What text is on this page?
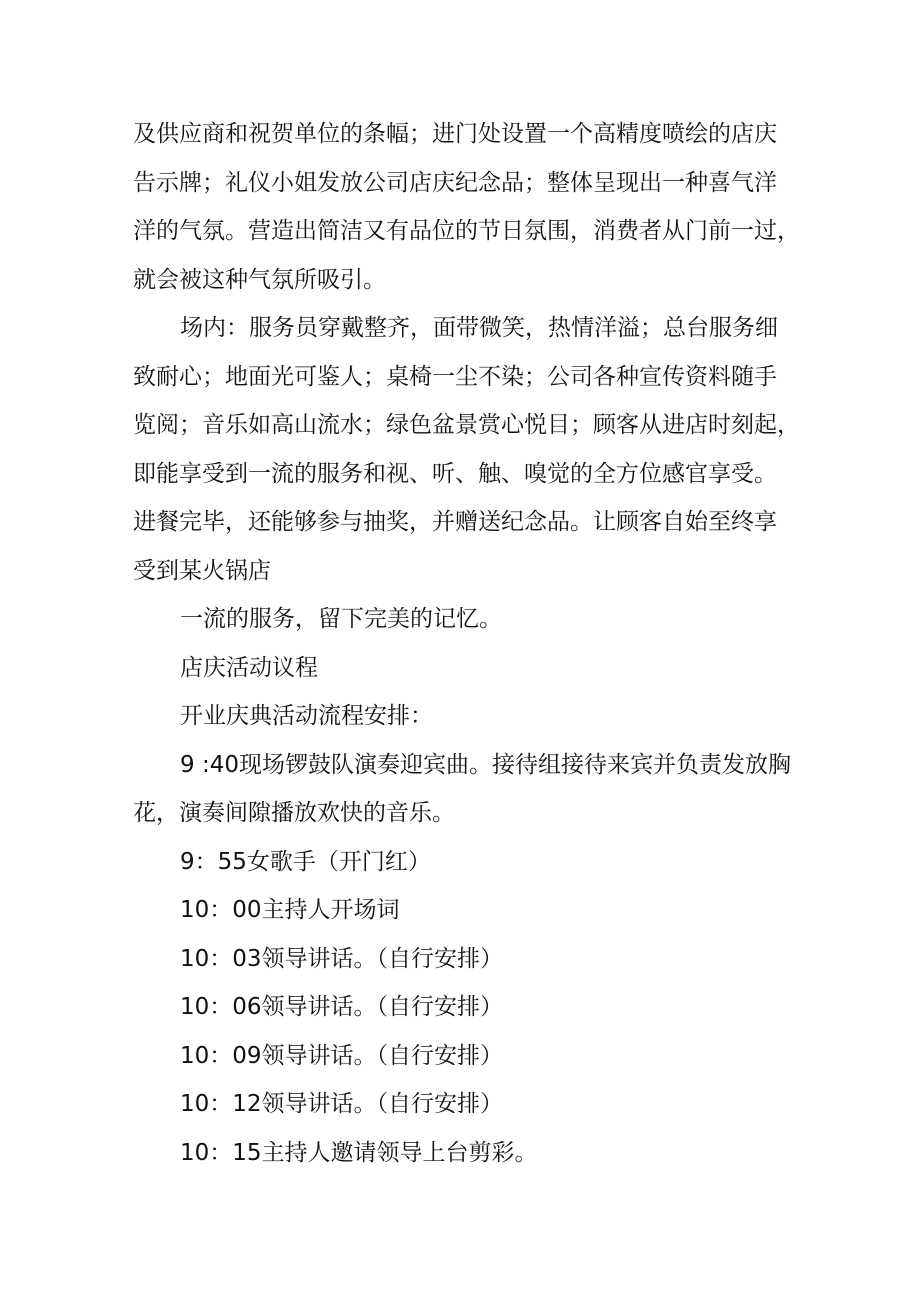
及供应商和祝贺单位的条幅；进门处设置一个高精度喷绘的店庆
告示牌；礼仪小姐发放公司店庆纪念品；整体呈现出一种喜气洋
洋的气氛。营造出简洁又有品位的节日氛围，消费者从门前一过，
就会被这种气氛所吸引。
场内：服务员穿戴整齐，面带微笑，热情洋溢；总台服务细
致耐心；地面光可鉴人；桌椅一尘不染；公司各种宣传资料随手
览阅；音乐如高山流水；绿色盆景赏心悦目；顾客从进店时刻起，
即能享受到一流的服务和视、听、触、嗅觉的全方位感官享受。
进餐完毕，还能够参与抽奖，并赠送纪念品。让顾客自始至终享
受到某火锅店
一流的服务，留下完美的记忆。
店庆活动议程
开业庆典活动流程安排：
9 :40现场锣鼓队演奏迎宾曲。接待组接待来宾并负责发放胸
花，演奏间隙播放欢快的音乐。
9：55女歌手（开门红）
10：00主持人开场词
10：03领导讲话。（自行安排）
10：06领导讲话。（自行安排）
10：09领导讲话。（自行安排）
10：12领导讲话。（自行安排）
10：15主持人邀请领导上台剪彩。
